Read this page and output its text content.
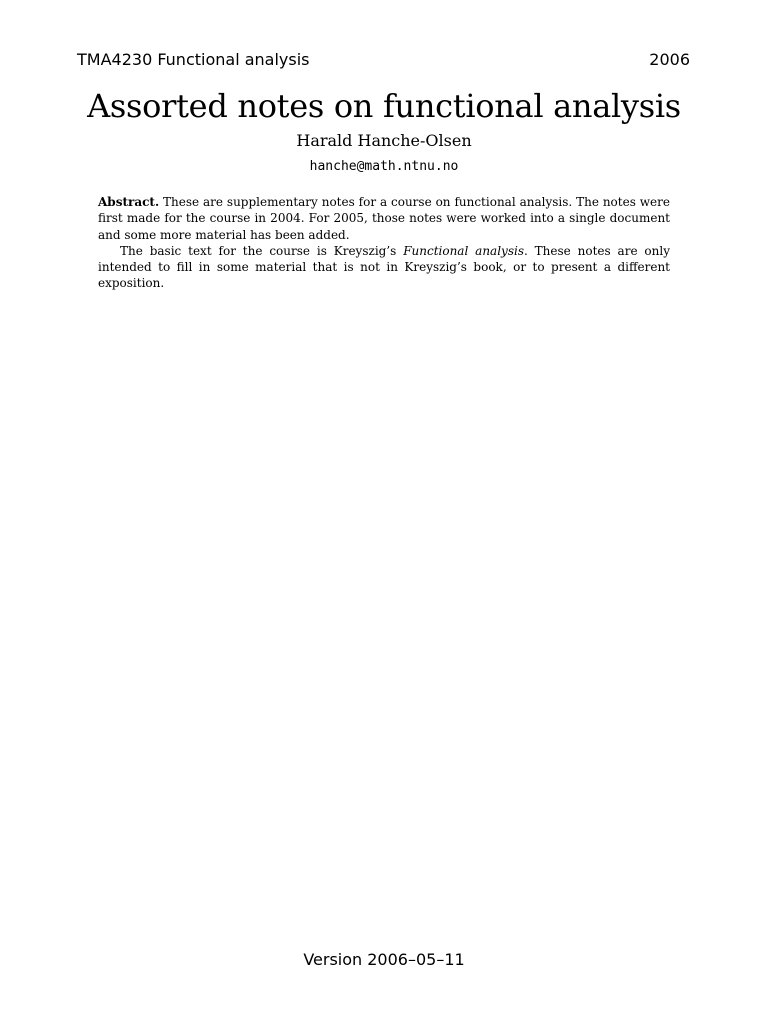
TMA4230 Functional analysis	2006
Assorted notes on functional analysis
Harald Hanche-Olsen
hanche@math.ntnu.no

Abstract. These are supplementary notes for a course on functional analysis. The notes were first made for the course in 2004. For 2005, those notes were worked into a single document and some more material has been added.

The basic text for the course is Kreyszig’s Functional analysis. These notes are only intended to fill in some material that is not in Kreyszig’s book, or to present a different exposition.

Version 2006–05–11
